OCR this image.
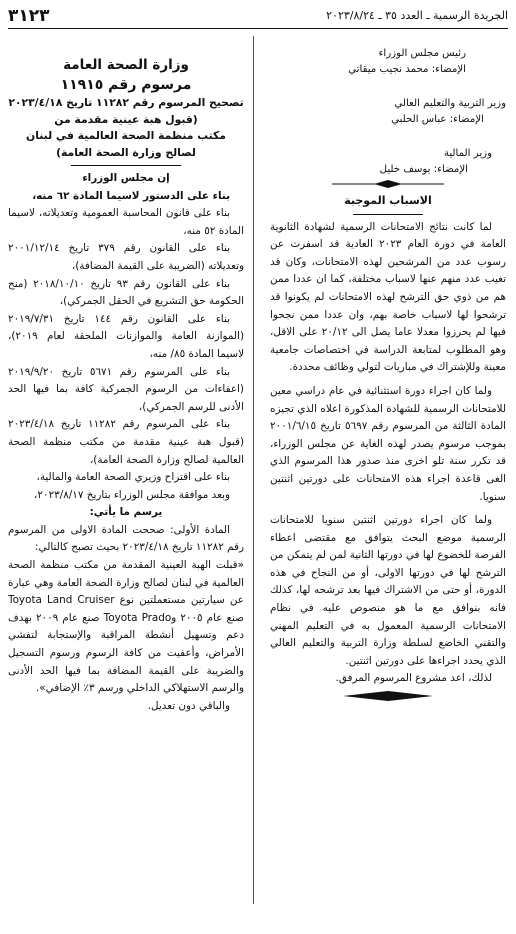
٣١٢٣	الجريدة الرسمية ـ العدد ٣٥ ـ ٢٠٢٣/٨/٢٤

رئيس مجلس الوزراء

الإمضاء: محمد نجيب ميقاتي

وزير التربية والتعليم العالي

الإمضاء: عباس الحلبي

وزير المالية

الإمضاء: يوسف خليل

الاسباب الموجبة

لما كانت نتائج الامتحانات الرسمية لشهادة الثانوية العامة في دورة العام ٢٠٢٣ العادية قد اسفرت عن رسوب عدد من المرشحين لهذه الامتحانات، وكان قد تغيب عدد منهم عنها لاسباب مختلفة، كما ان عددا ممن هم من ذوي حق الترشح لهذه الامتحانات لم يكونوا قد ترشحوا لها لاسباب خاصة بهم، وان عددا ممن نجحوا فيها لم يحرزوا معدلا عاما يصل الى ٢٠/١٢ على الاقل، وهو المطلوب لمتابعة الدراسة في اختصاصات جامعية معينة وللإشتراك في مباريات لتولي وظائف محددة.

ولما كان اجراء دورة استثنائية في عام دراسي معين للامتحانات الرسمية للشهادة المذكورة اعلاه الذي تجيزه المادة الثالثة من المرسوم رقم ٥٦٩٧ تاريخ ٢٠٠١/٦/١٥ بموجب مرسوم يصدر لهذه الغاية عن مجلس الوزراء، قد تكرر سنة تلو اخرى منذ صدور هذا المرسوم الذي الغى قاعدة اجراء هذه الامتحانات على دورتين اثنتين سنويا.

ولما كان اجراء دورتين اثنتين سنويا للامتحانات الرسمية موضع البحث يتوافق مع مقتضى اعطاء الفرصة للخضوع لها في دورتها الثانية لمن لم يتمكن من الترشح لها في دورتها الاولى، أو من النجاح في هذه الدورة، أو حتى من الاشتراك فيها بعد ترشحه لها، كذلك فانه بنوافق مع ما هو منصوص عليه في نظام الامتحانات الرسمية المعمول به في التعليم المهني والتقني الخاضع لسلطة وزارة التربية والتعليم العالي الذي يحدد اجراءها على دورتين اثنتين.

لذلك، اعد مشروع المرسوم المرفق.

وزارة الصحة العامة
مرسوم رقم ١١٩١٥
تصحيح المرسوم رقم ١١٢٨٢ تاريخ ٢٠٢٣/٤/١٨
(قبول هبة عينية مقدمة من
مكتب منظمة الصحة العالمية في لبنان
لصالح وزارة الصحة العامة)

إن مجلس الوزراء

بناء على الدستور لاسيما المادة ٦٢ منه،

بناء على قانون المحاسبة العمومية وتعديلاته، لاسيما المادة ٥٢ منه،

بناء على القانون رقم ٣٧٩ تاريخ ٢٠٠١/١٢/١٤ وتعديلاته (الضريبة على القيمة المضافة)،

بناء على القانون رقم ٩٣ تاريخ ٢٠١٨/١٠/١٠ (منح الحكومة حق التشريع في الحقل الجمركي)،

بناء على القانون رقم ١٤٤ تاريخ ٢٠١٩/٧/٣١ (الموازنة العامة والموازنات الملحقة لعام ٢٠١٩)، لاسيما المادة ٨٥/ منه،

بناء على المرسوم رقم ٥٦٧١ تاريخ ٢٠١٩/٩/٢٠ (اعفاءات من الرسوم الجمركية كافة بما فيها الحد الأدنى للرسم الجمركي)،

بناء على المرسوم رقم ١١٢٨٢ تاريخ ٢٠٢٣/٤/١٨ (قبول هبة عينية مقدمة من مكتب منظمة الصحة العالمية لصالح وزارة الصحة العامة)،

بناء على اقتراح وزيري الصحة العامة والمالية،

وبعد موافقة مجلس الوزراء بتاريخ ٢٠٢٣/٨/١٧،

يرسم ما يأتي:

المادة الأولى: صححت المادة الاولى من المرسوم رقم ١١٢٨٢ تاريخ ٢٠٢٣/٤/١٨ بحيث تصبح كالتالي:

«قبلت الهبة العينية المقدمة من مكتب منظمة الصحة العالمية في لبنان لصالح وزارة الصحة العامة وهي عبارة عن سيارتين مستعملتين نوع Toyota Land Cruiser صنع عام ٢٠٠٥ وToyota Prado صنع عام ٢٠٠٩ بهدف دعم وتسهيل أنشطة المراقبة والإستجابة لتفشي الأمراض، وأعفيت من كافة الرسوم ورسوم التسجيل والضريبة على القيمة المضافة بما فيها الحد الأدنى والرسم الاستهلاكي الداخلي ورسم ٣٪ الإضافي».

والباقي دون تعديل.
